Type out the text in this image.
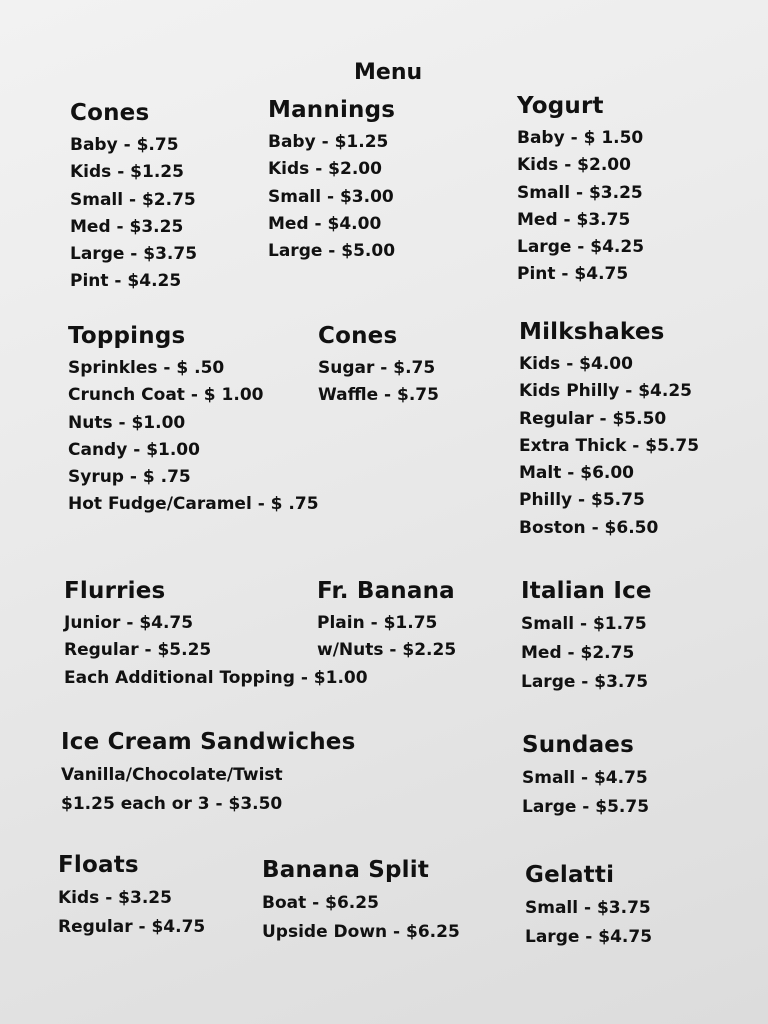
Menu
Cones
Baby - $.75
Kids - $1.25
Small - $2.75
Med - $3.25
Large - $3.75
Pint - $4.25
Mannings
Baby - $1.25
Kids - $2.00
Small - $3.00
Med - $4.00
Large - $5.00
Yogurt
Baby - $ 1.50
Kids - $2.00
Small - $3.25
Med - $3.75
Large - $4.25
Pint - $4.75
Toppings
Sprinkles - $ .50
Crunch Coat - $ 1.00
Nuts - $1.00
Candy - $1.00
Syrup - $ .75
Hot Fudge/Caramel - $ .75
Cones
Sugar - $.75
Waffle - $.75
Milkshakes
Kids - $4.00
Kids Philly - $4.25
Regular - $5.50
Extra Thick - $5.75
Malt - $6.00
Philly - $5.75
Boston - $6.50
Flurries
Junior - $4.75
Regular - $5.25
Each Additional Topping - $1.00
Fr. Banana
Plain - $1.75
w/Nuts - $2.25
Italian Ice
Small - $1.75
Med - $2.75
Large - $3.75
Ice Cream Sandwiches
Vanilla/Chocolate/Twist
$1.25 each or 3 - $3.50
Sundaes
Small - $4.75
Large - $5.75
Floats
Kids - $3.25
Regular - $4.75
Banana Split
Boat - $6.25
Upside Down - $6.25
Gelatti
Small - $3.75
Large - $4.75
